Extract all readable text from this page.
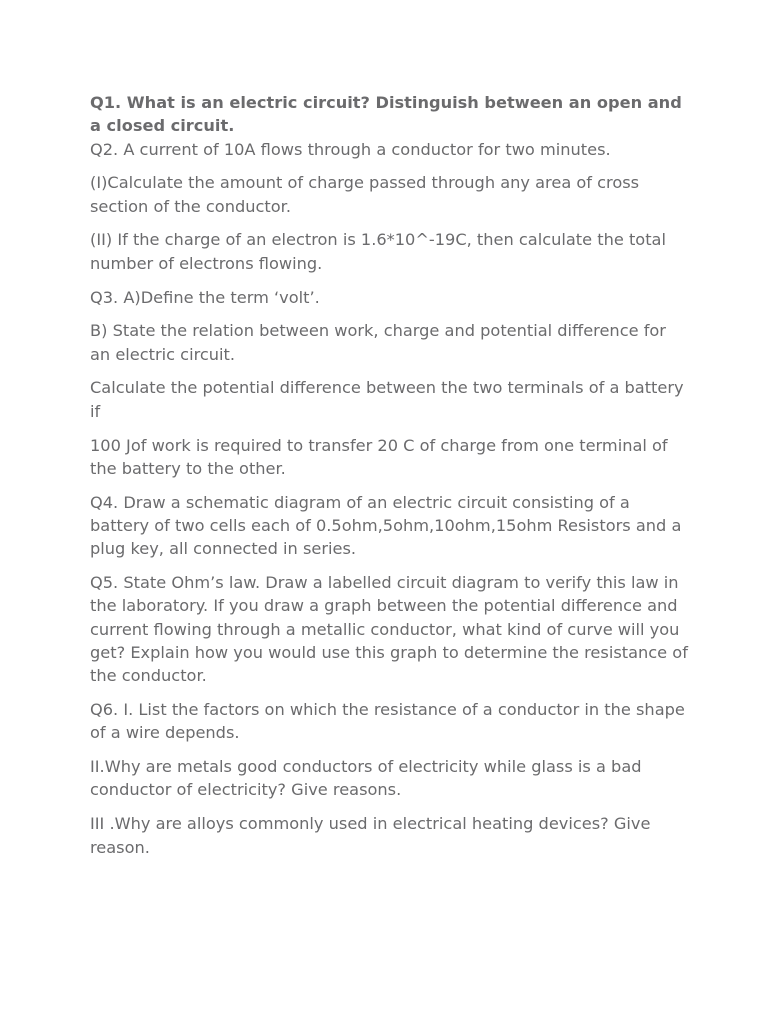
Q1. What is an electric circuit? Distinguish between an open and a closed circuit.

Q2. A current of 10A flows through a conductor for two minutes.

(I)Calculate the amount of charge passed through any area of cross section of the conductor.

(II) If the charge of an electron is 1.6*10^-19C, then calculate the total number of electrons flowing.

Q3. A)Define the term ‘volt’.

B) State the relation between work, charge and potential difference for an electric circuit.

Calculate the potential difference between the two terminals of a battery if

100 Jof work is required to transfer 20 C of charge from one terminal of the battery to the other.

Q4. Draw a schematic diagram of an electric circuit consisting of a battery of two cells each of 0.5ohm,5ohm,10ohm,15ohm Resistors and a plug key, all connected in series.

Q5. State Ohm’s law. Draw a labelled circuit diagram to verify this law in the laboratory. If you draw a graph between the potential difference and current flowing through a metallic conductor, what kind of curve will you get? Explain how you would use this graph to determine the resistance of the conductor.

Q6. I. List the factors on which the resistance of a conductor in the shape of a wire depends.

II.Why are metals good conductors of electricity while glass is a bad conductor of electricity? Give reasons.

III .Why are alloys commonly used in electrical heating devices? Give reason.
